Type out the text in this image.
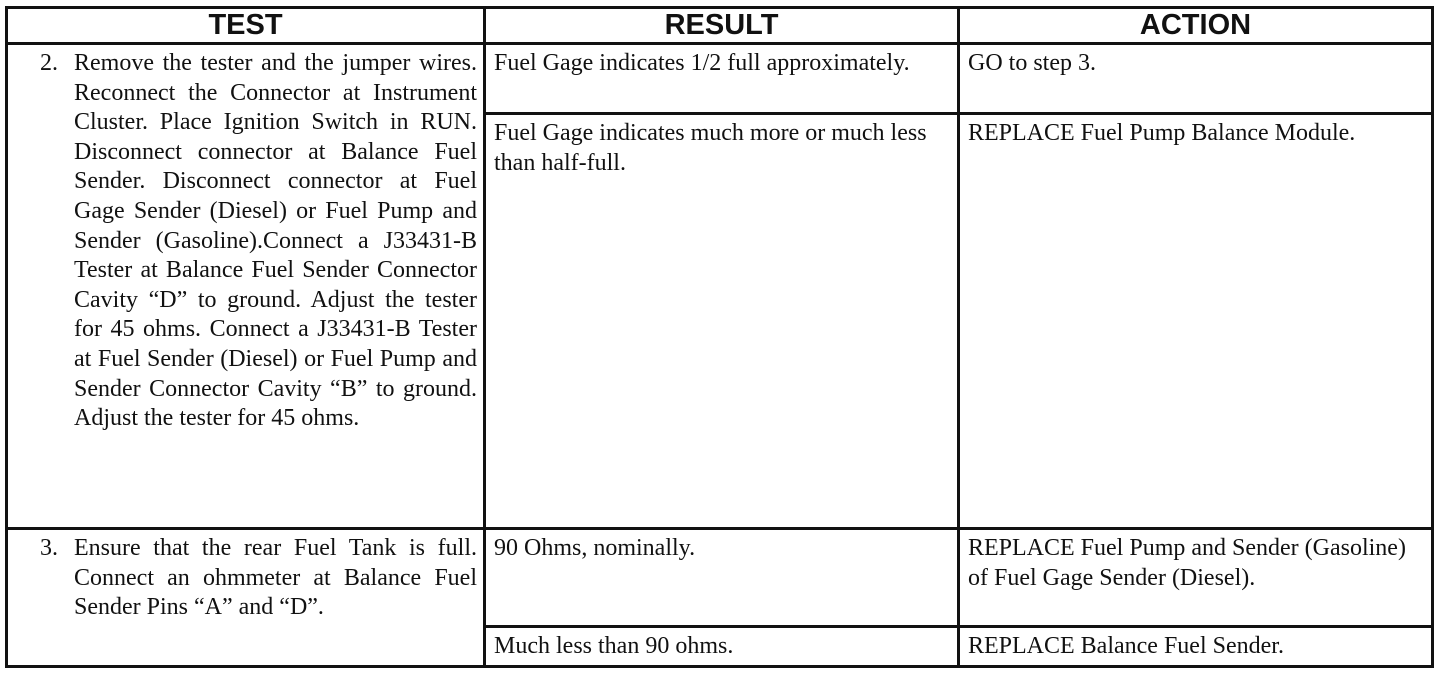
TEST	RESULT	ACTION

2. Remove the tester and the jumper wires. Reconnect the Connector at Instrument Cluster. Place Ignition Switch in RUN. Disconnect connector at Balance Fuel Sender. Disconnect connector at Fuel Gage Sender (Diesel) or Fuel Pump and Sender (Gasoline).Connect a J33431-B Tester at Balance Fuel Sender Connector Cavity “D” to ground. Adjust the tester for 45 ohms. Connect a J33431-B Tester at Fuel Sender (Diesel) or Fuel Pump and Sender Connector Cavity “B” to ground. Adjust the tester for 45 ohms.	Fuel Gage indicates 1/2 full approximately.	GO to step 3.
	Fuel Gage indicates much more or much less than half-full.	REPLACE Fuel Pump Balance Module.

3. Ensure that the rear Fuel Tank is full. Connect an ohmmeter at Balance Fuel Sender Pins “A” and “D”.	90 Ohms, nominally.	REPLACE Fuel Pump and Sender (Gasoline) of Fuel Gage Sender (Diesel).
	Much less than 90 ohms.	REPLACE Balance Fuel Sender.
